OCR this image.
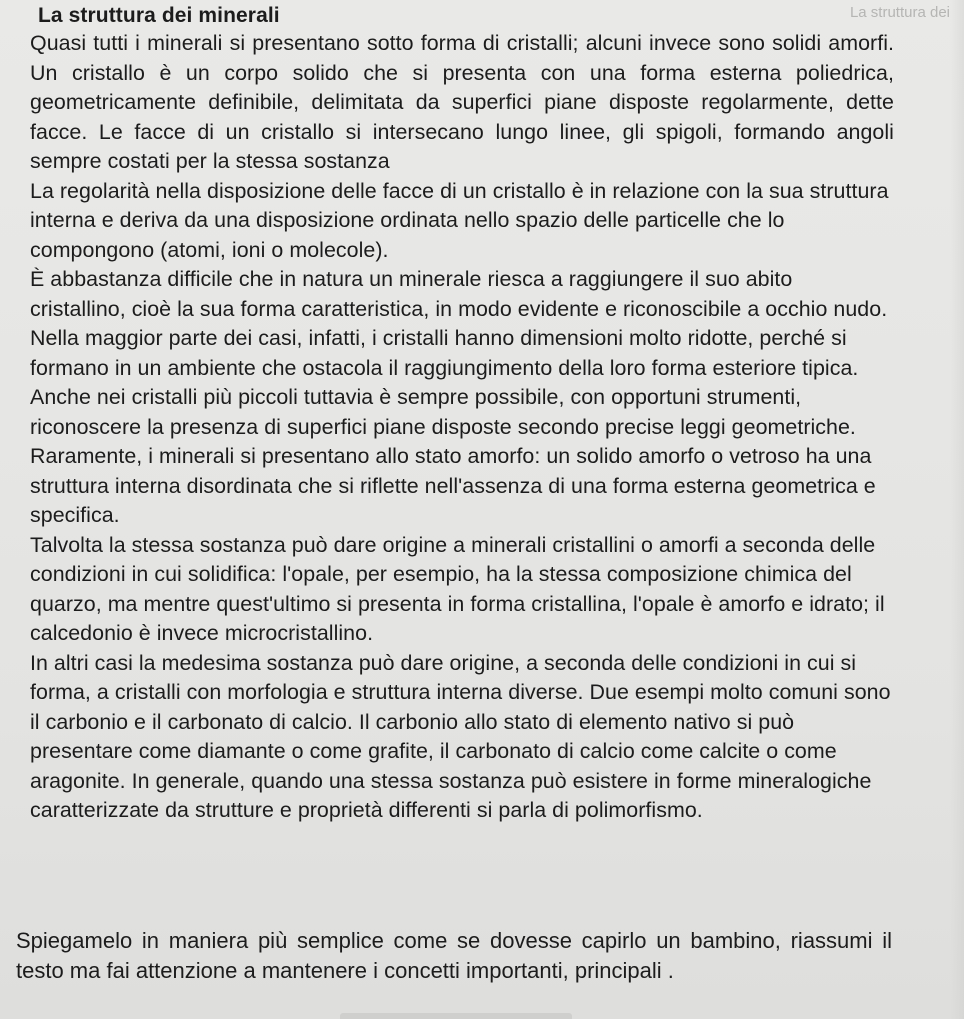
La struttura dei
La struttura dei minerali

Quasi tutti i minerali si presentano sotto forma di cristalli; alcuni invece sono solidi amorfi. Un cristallo è un corpo solido che si presenta con una forma esterna poliedrica, geometricamente definibile, delimitata da superfici piane disposte regolarmente, dette facce. Le facce di un cristallo si intersecano lungo linee, gli spigoli, formando angoli sempre costati per la stessa sostanza

La regolarità nella disposizione delle facce di un cristallo è in relazione con la sua struttura interna e deriva da una disposizione ordinata nello spazio delle particelle che lo compongono (atomi, ioni o molecole).

È abbastanza difficile che in natura un minerale riesca a raggiungere il suo abito cristallino, cioè la sua forma caratteristica, in modo evidente e riconoscibile a occhio nudo. Nella maggior parte dei casi, infatti, i cristalli hanno dimensioni molto ridotte, perché si formano in un ambiente che ostacola il raggiungimento della loro forma esteriore tipica. Anche nei cristalli più piccoli tuttavia è sempre possibile, con opportuni strumenti, riconoscere la presenza di superfici piane disposte secondo precise leggi geometriche.

Raramente, i minerali si presentano allo stato amorfo: un solido amorfo o vetroso ha una struttura interna disordinata che si riflette nell'assenza di una forma esterna geometrica e specifica.

Talvolta la stessa sostanza può dare origine a minerali cristallini o amorfi a seconda delle condizioni in cui solidifica: l'opale, per esempio, ha la stessa composizione chimica del quarzo, ma mentre quest'ultimo si presenta in forma cristallina, l'opale è amorfo e idrato; il calcedonio è invece microcristallino.

In altri casi la medesima sostanza può dare origine, a seconda delle condizioni in cui si forma, a cristalli con morfologia e struttura interna diverse. Due esempi molto comuni sono il carbonio e il carbonato di calcio. Il carbonio allo stato di elemento nativo si può presentare come diamante o come grafite, il carbonato di calcio come calcite o come aragonite. In generale, quando una stessa sostanza può esistere in forme mineralogiche caratterizzate da strutture e proprietà differenti si parla di polimorfismo.

Spiegamelo in maniera più semplice come se dovesse capirlo un bambino, riassumi il testo ma fai attenzione a mantenere i concetti importanti, principali .
